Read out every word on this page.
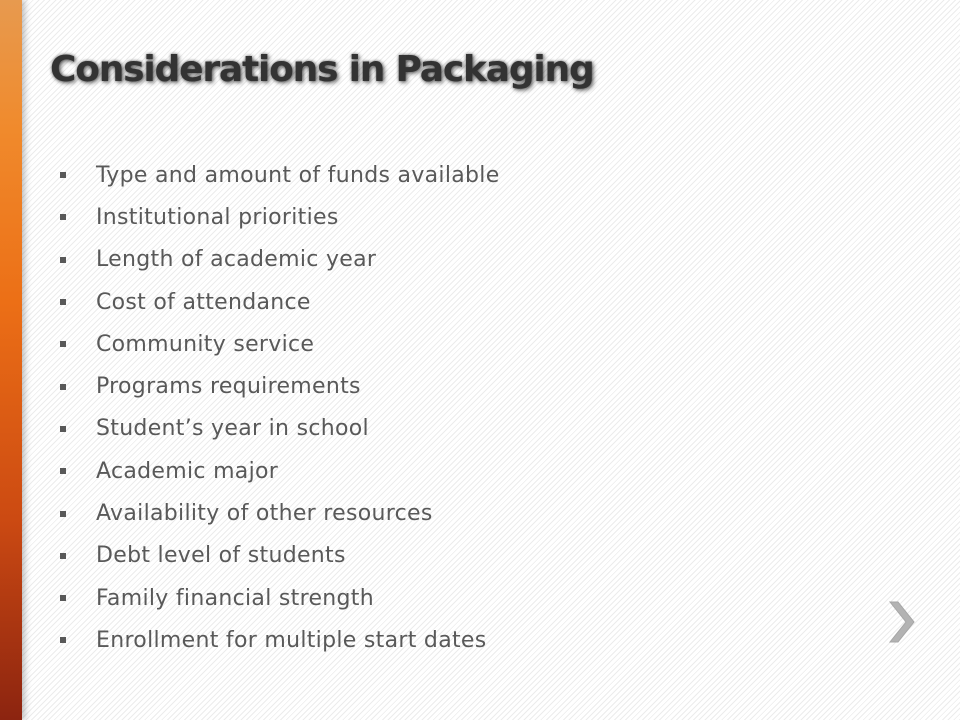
Considerations in Packaging
Type and amount of funds available
Institutional priorities
Length of academic year
Cost of attendance
Community service
Programs requirements
Student’s year in school
Academic major
Availability of other resources
Debt level of students
Family financial strength
Enrollment for multiple start dates
